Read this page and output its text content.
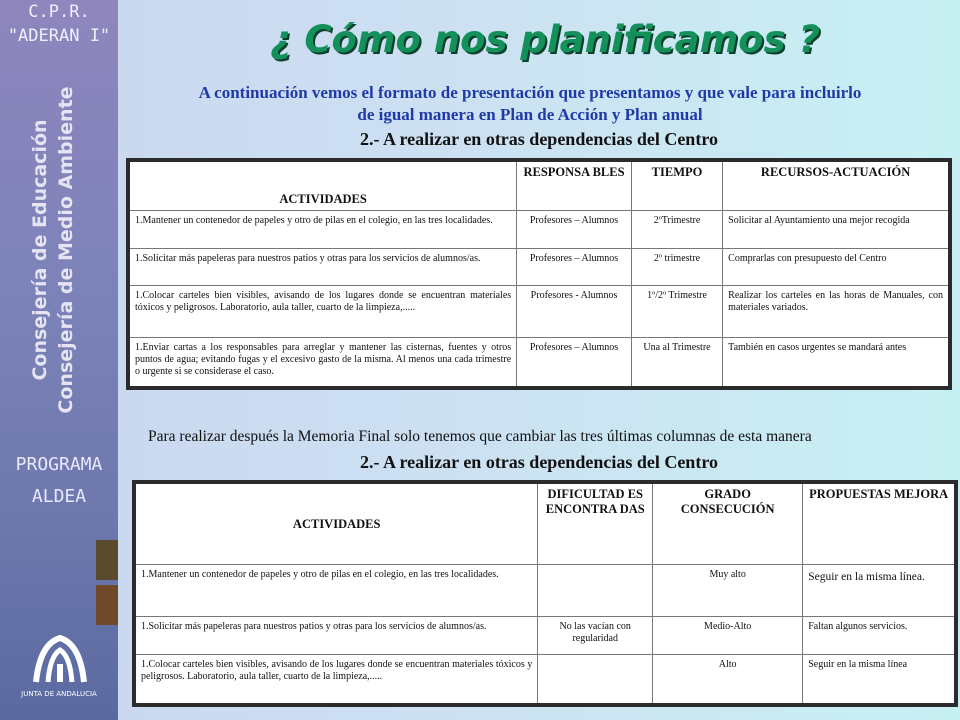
C.P.R.
"ADERAN I"
Consejería de Educación Consejería de Medio Ambiente
PROGRAMA
ALDEA
JUNTA DE ANDALUCIA
¿ Cómo nos planificamos ?
A continuación vemos el formato de presentación que presentamos y que vale para incluirlo
de igual manera en Plan de Acción y Plan anual
2.- A realizar en otras dependencias del Centro
ACTIVIDADES	RESPONSA BLES	TIEMPO	RECURSOS-ACTUACIÓN
1.Mantener un contenedor de papeles y otro de pilas en el colegio, en las tres localidades.	Profesores – Alumnos	2ºTrimestre	Solicitar al Ayuntamiento una mejor recogida
1.Solicitar más papeleras para nuestros patios y otras para los servicios de alumnos/as.	Profesores – Alumnos	2º trimestre	Comprarlas con presupuesto del Centro
1.Colocar carteles bien visibles, avisando de los lugares donde se encuentran materiales tóxicos y peligrosos. Laboratorio, aula taller, cuarto de la limpieza,.....	Profesores - Alumnos	1º/2º Trimestre	Realizar los carteles en las horas de Manuales, con materiales variados.
1.Enviar cartas a los responsables para arreglar y mantener las cisternas, fuentes y otros puntos de agua; evitando fugas y el excesivo gasto de la misma. Al menos una cada trimestre o urgente si se considerase el caso.	Profesores – Alumnos	Una al Trimestre	También en casos urgentes se mandará antes
Para realizar después la Memoria Final solo tenemos que cambiar las tres últimas columnas de esta manera
2.- A realizar en otras dependencias del Centro
ACTIVIDADES	DIFICULTAD ES ENCONTRA DAS	GRADO CONSECUCIÓN	PROPUESTAS MEJORA
1.Mantener un contenedor de papeles y otro de pilas en el colegio, en las tres localidades.		Muy alto	Seguir en la misma línea.
1.Solicitar más papeleras para nuestros patios y otras para los servicios de alumnos/as.	No las vacían con regularidad	Medio-Alto	Faltan algunos servicios.
1.Colocar carteles bien visibles, avisando de los lugares donde se encuentran materiales tóxicos y peligrosos. Laboratorio, aula taller, cuarto de la limpieza,.....		Alto	Seguir en la misma línea
